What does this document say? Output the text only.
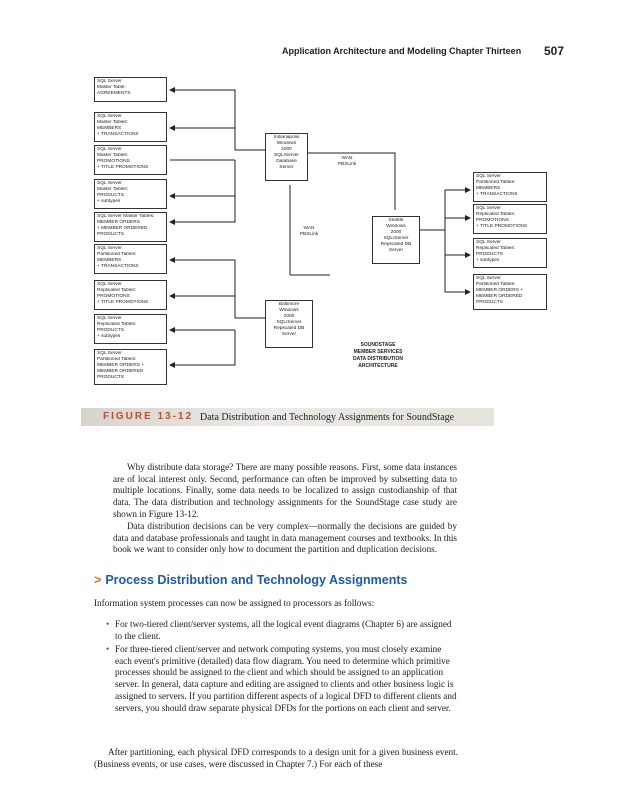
Application Architecture and Modeling Chapter Thirteen 507
SQL Server
Master Table:
AGREEMENTS
SQL Server
Master Tables:
MEMBERS
+ TRANSACTIONS
SQL Server
Master Tables:
PROMOTIONS
+ TITLE PROMOTIONS
SQL Server
Master Tables:
PRODUCTS
+ subtypes
SQL Server Master Tables:
MEMBER ORDERS
+ MEMBER ORDERED
PRODUCTS
SQL Server
Partitioned Tables:
MEMBERS
+ TRANSACTIONS
SQL Server
Replicated Tables:
PROMOTIONS
+ TITLE PROMOTIONS
SQL Server
Replicated Tables:
PRODUCTS
+ subtypes
SQL Server
Partitioned Tables:
MEMBER ORDERS +
MEMBER ORDERED
PRODUCTS
Indianapolis
Windows
2000
SQL/Server
Database
Server
Seattle
Windows
2000
SQL/Server
Replicated DB
Server
Baltimore
Windows
2000
SQL/Server
Replicated DB
Server
WAN
PBXLink
WAN
PBXLink
SQL Server
Partitioned Tables:
MEMBERS
+ TRANSACTIONS
SQL Server
Replicated Tables:
PROMOTIONS
+ TITLE PROMOTIONS
SQL Server
Replicated Tables:
PRODUCTS
+ subtypes
SQL Server
Partitioned Tables:
MEMBER ORDERS +
MEMBER ORDERED
PRODUCTS
SOUNDSTAGE
MEMBER SERVICES
DATA DISTRIBUTION
ARCHITECTURE
FIGURE 13-12 Data Distribution and Technology Assignments for SoundStage
Why distribute data storage? There are many possible reasons. First, some data instances are of local interest only. Second, performance can often be improved by subsetting data to multiple locations. Finally, some data needs to be localized to assign custodianship of that data. The data distribution and technology assignments for the SoundStage case study are shown in Figure 13-12.
Data distribution decisions can be very complex—normally the decisions are guided by data and database professionals and taught in data management courses and textbooks. In this book we want to consider only how to document the partition and duplication decisions.
> Process Distribution and Technology Assignments
Information system processes can now be assigned to processors as follows:
• For two-tiered client/server systems, all the logical event diagrams (Chapter 6) are assigned to the client.

• For three-tiered client/server and network computing systems, you must closely examine each event's primitive (detailed) data flow diagram. You need to determine which primitive processes should be assigned to the client and which should be assigned to an application server. In general, data capture and editing are assigned to clients and other business logic is assigned to servers. If you partition different aspects of a logical DFD to different clients and servers, you should draw separate physical DFDs for the portions on each client and server.

After partitioning, each physical DFD corresponds to a design unit for a given business event. (Business events, or use cases, were discussed in Chapter 7.) For each of these
